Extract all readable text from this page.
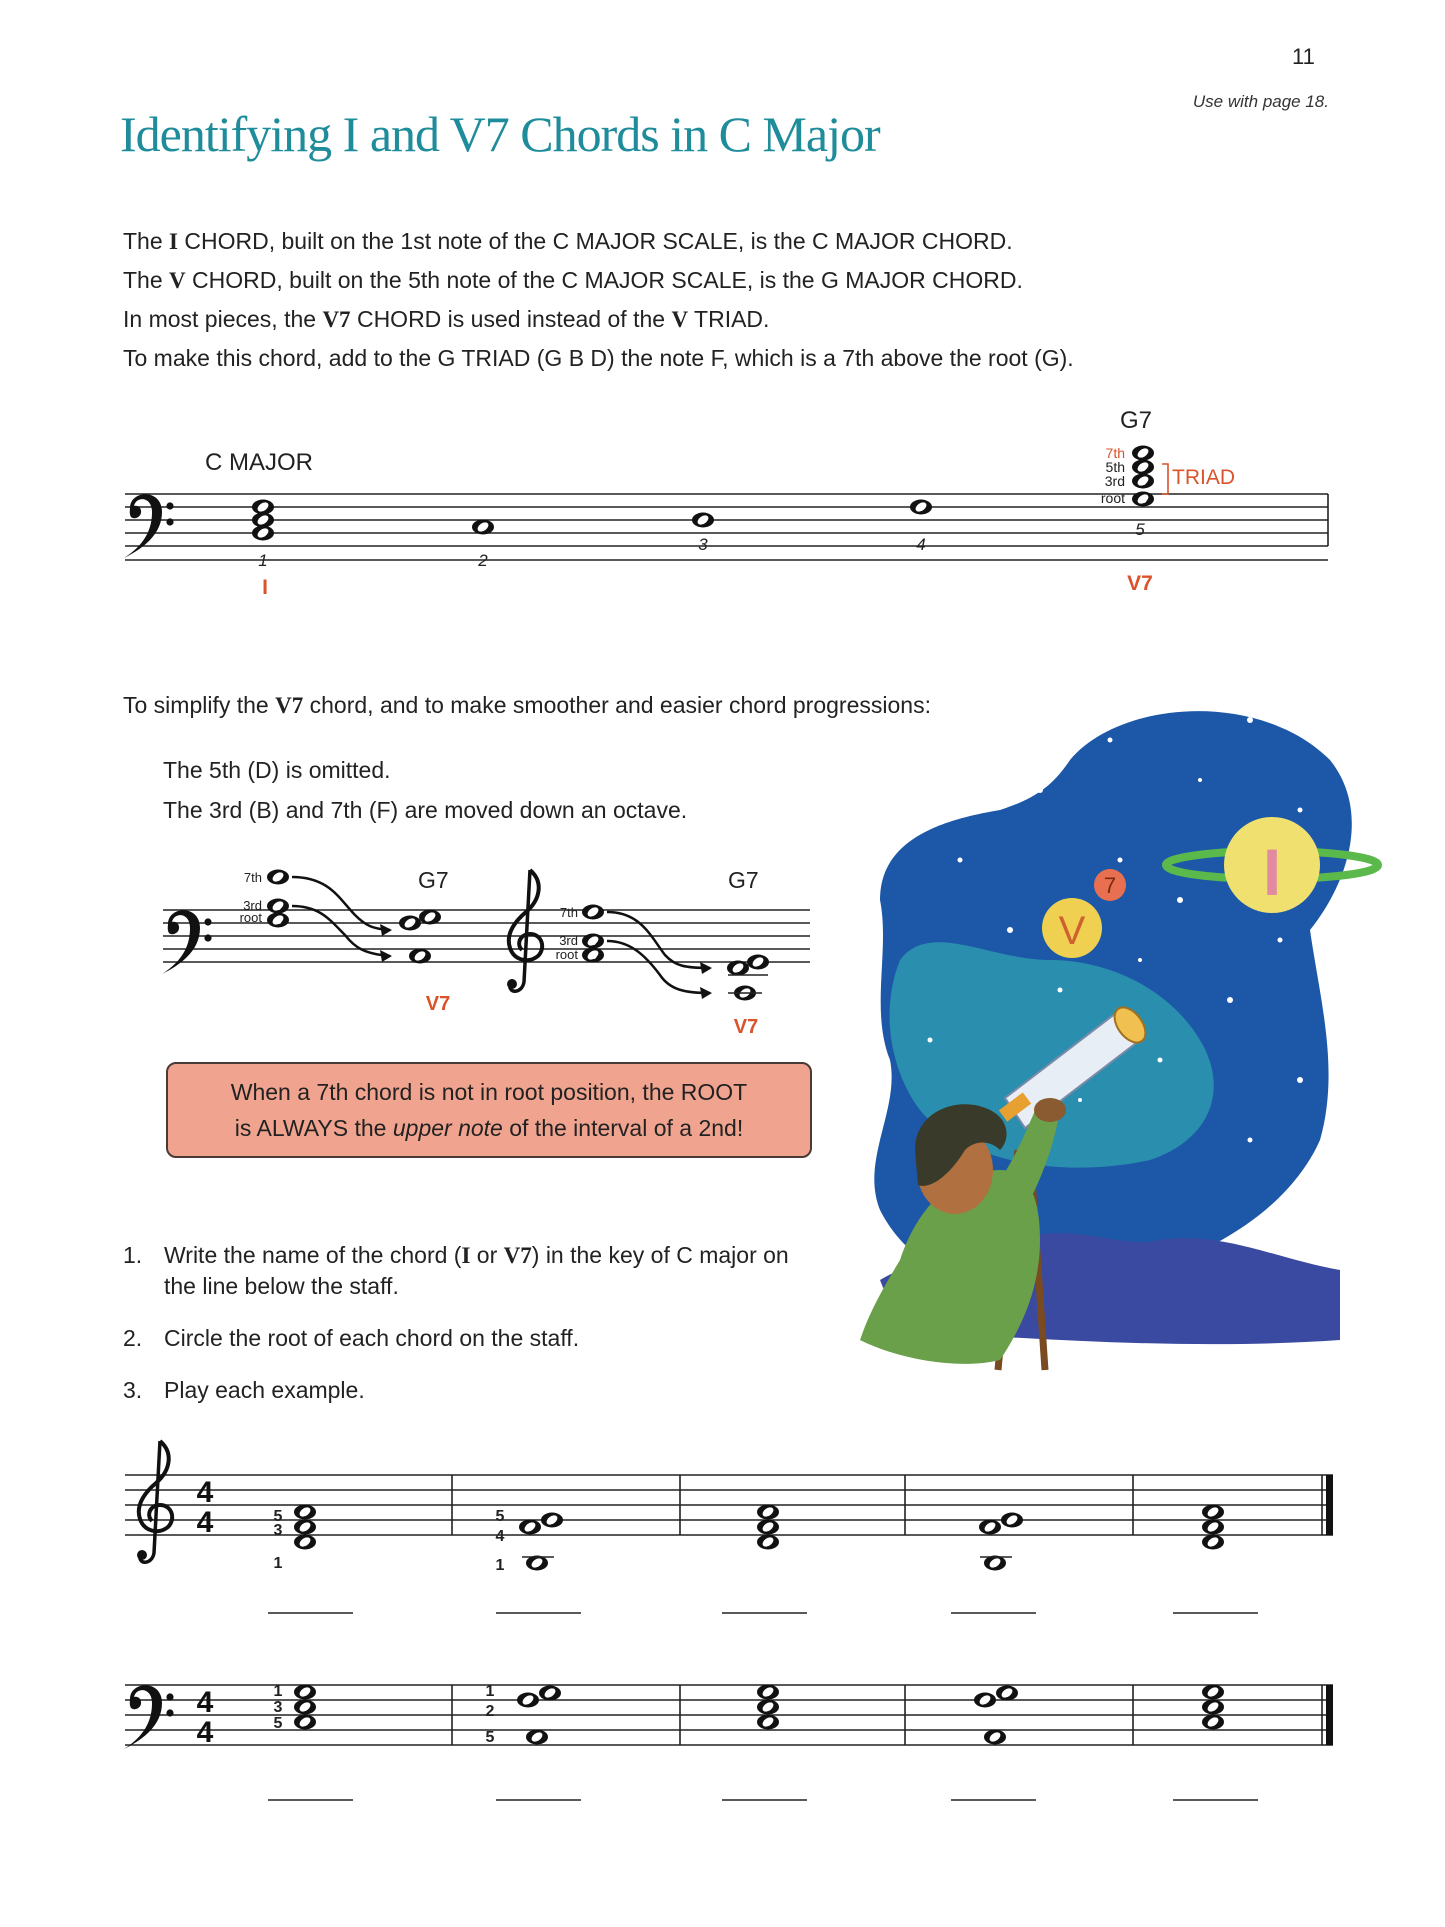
11
Use with page 18.
Identifying I and V7 Chords in C Major

The I CHORD, built on the 1st note of the C MAJOR SCALE, is the C MAJOR CHORD.

The V CHORD, built on the 5th note of the C MAJOR SCALE, is the G MAJOR CHORD.

In most pieces, the V7 CHORD is used instead of the V TRIAD.

To make this chord, add to the G TRIAD (G B D) the note F, which is a 7th above the root (G).

F
D
B
G
7th
5th
3rd
root
TRIAD
C MAJOR
G7
1	2
3	4
5
I	V7
F
B
G
7th
3rd
root	F
B
G
7th
3rd
root
G7	G7
V7
V7
I
7
V
4
4	5
3
1
5
4
1
4
4
1
3
5
1
2
5
To simplify the V7 chord, and to make smoother and easier chord progressions:
The 5th (D) is omitted.
The 3rd (B) and 7th (F) are moved down an octave.
When a 7th chord is not in root position, the ROOT
is ALWAYS the upper note of the interval of a 2nd!
1. Write the name of the chord (I or V7) in the key of C major on the line below the staff.
2. Circle the root of each chord on the staff.
3. Play each example.
